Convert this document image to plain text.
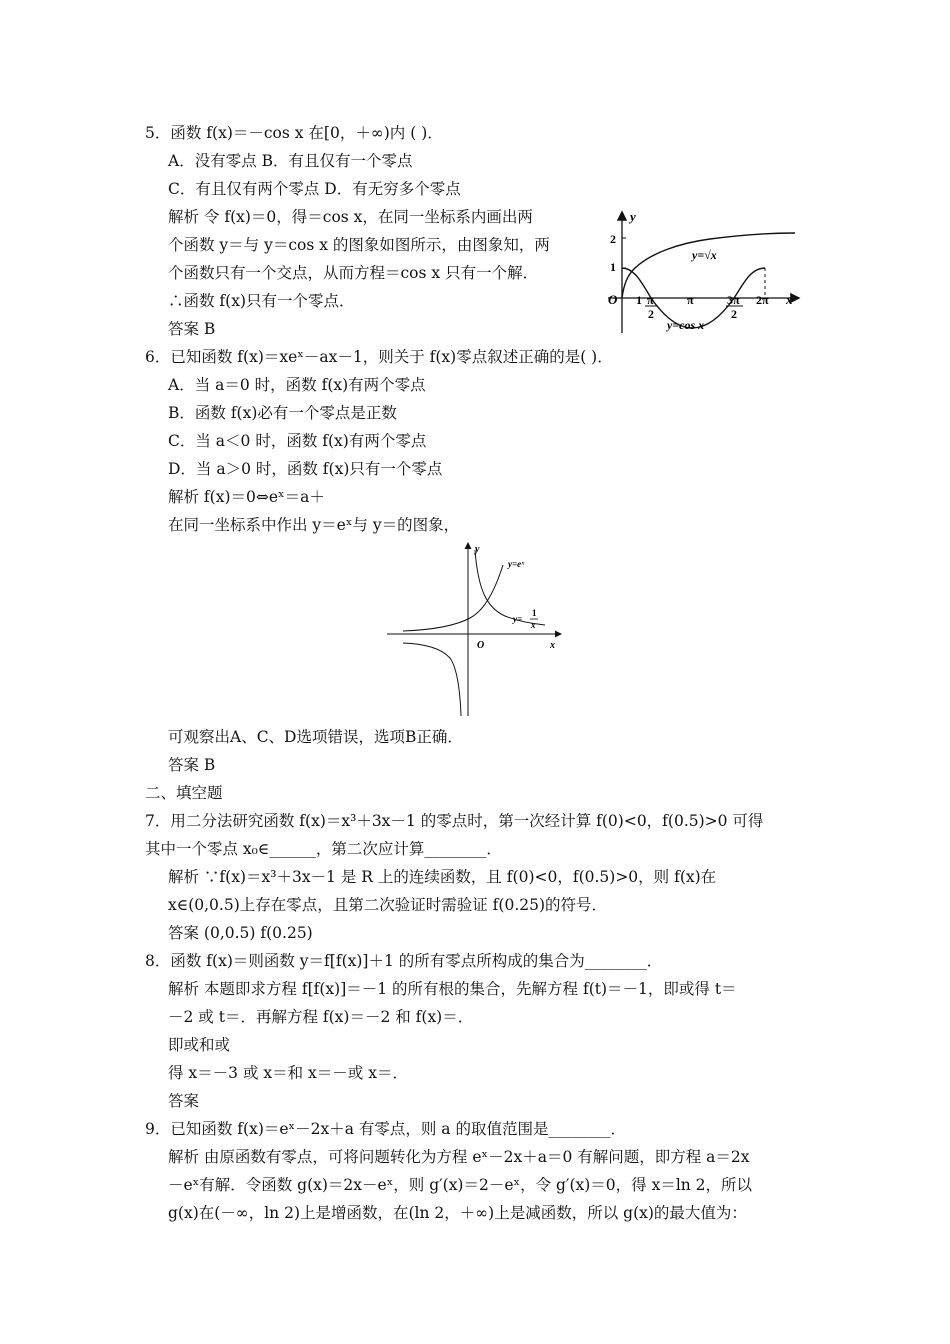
5．函数 f(x)＝－cos x 在[0，＋∞)内 ( )．
A．没有零点 B．有且仅有一个零点
C．有且仅有两个零点 D．有无穷多个零点
解析 令 f(x)＝0，得＝cos x，在同一坐标系内画出两
个函数 y＝与 y＝cos x 的图象如图所示，由图象知，两
个函数只有一个交点，从而方程＝cos x 只有一个解．
∴函数 f(x)只有一个零点．
答案 B
6．已知函数 f(x)＝xeˣ－ax－1，则关于 f(x)零点叙述正确的是( )．
A．当 a＝0 时，函数 f(x)有两个零点
B．函数 f(x)必有一个零点是正数
C．当 a＜0 时，函数 f(x)有两个零点
D．当 a＞0 时，函数 f(x)只有一个零点
解析 f(x)＝0⇔eˣ＝a＋
在同一坐标系中作出 y＝eˣ与 y＝的图象，
可观察出A、C、D选项错误，选项B正确．
答案 B
二、填空题
7．用二分法研究函数 f(x)＝x³＋3x－1 的零点时，第一次经计算 f(0)<0，f(0.5)>0 可得
其中一个零点 x₀∈______，第二次应计算________．
解析 ∵f(x)＝x³＋3x－1 是 R 上的连续函数，且 f(0)<0，f(0.5)>0，则 f(x)在
x∈(0,0.5)上存在零点，且第二次验证时需验证 f(0.25)的符号．
答案 (0,0.5) f(0.25)
8．函数 f(x)＝则函数 y＝f[f(x)]＋1 的所有零点所构成的集合为________．
解析 本题即求方程 f[f(x)]＝－1 的所有根的集合，先解方程 f(t)＝－1，即或得 t＝
－2 或 t＝．再解方程 f(x)＝－2 和 f(x)＝．
即或和或
得 x＝－3 或 x＝和 x＝－或 x＝．
答案
9．已知函数 f(x)＝eˣ－2x＋a 有零点，则 a 的取值范围是________．
解析 由原函数有零点，可将问题转化为方程 eˣ－2x＋a＝0 有解问题，即方程 a＝2x
－eˣ有解．令函数 g(x)＝2x－eˣ，则 g′(x)＝2－eˣ，令 g′(x)＝0，得 x＝ln 2，所以
g(x)在(－∞，ln 2)上是增函数，在(ln 2，＋∞)上是减函数，所以 g(x)的最大值为：
y
x
O
2
1
1 π
2
π	3π
2
2π
y=√x
y=cos x
y
x
O
y=eˣ
y=
1
x
